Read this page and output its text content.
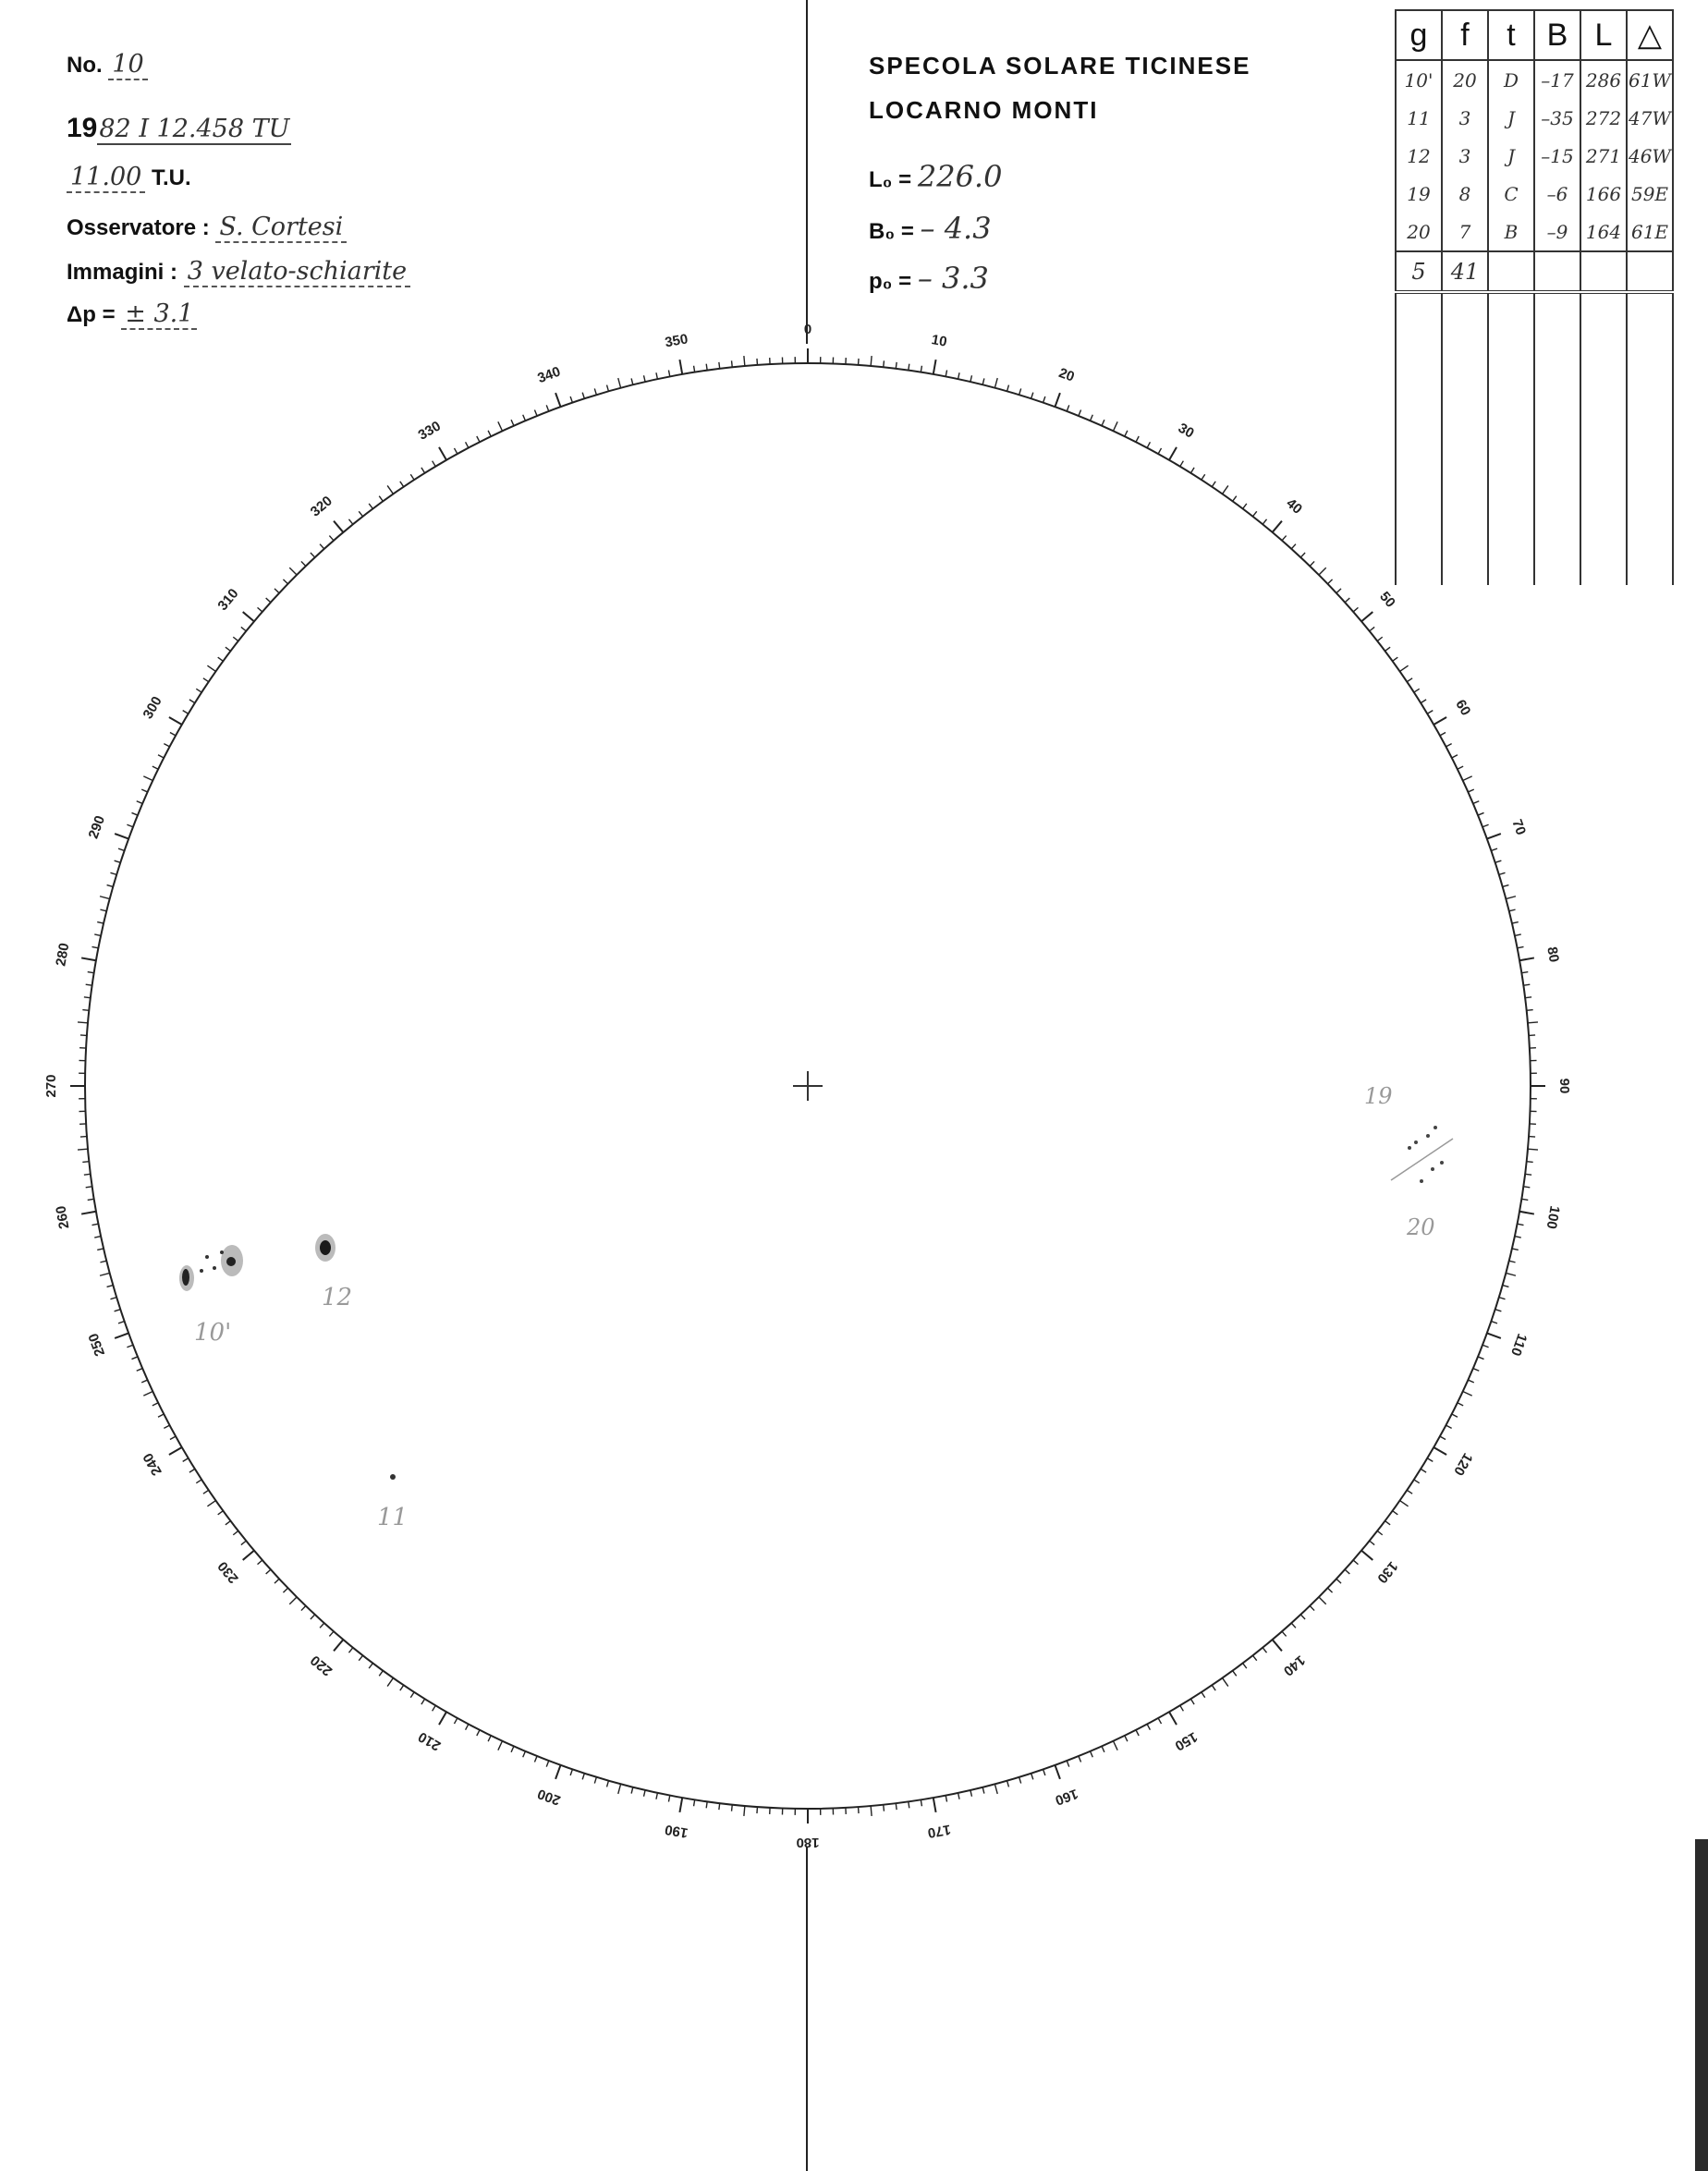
No. 10
1982 I 12.458 TU
11.00 T.U.
Osservatore : S. Cortesi
Immagini : 3 velato-schiarite
Δp = ± 3.1
SPECOLA SOLARE TICINESE
LOCARNO MONTI
L₀ = 226.0
B₀ = – 4.3
p₀ = – 3.3
g	f	t	B	L	△
10'	20	D	–17	286	61W
11	3	J	–35	272	47W
12	3	J	–15	271	46W
19	8	C	–6	166	59E
20	7	B	–9	164	61E
5	41				

0
10
20
30
40
50
60
70
80
90
100
110
120
130
140
150
160
170
180
190
200
210
220
230
240
250
260
270
280
290
300
310
320
330
340
350
10'
12
11
19
20
